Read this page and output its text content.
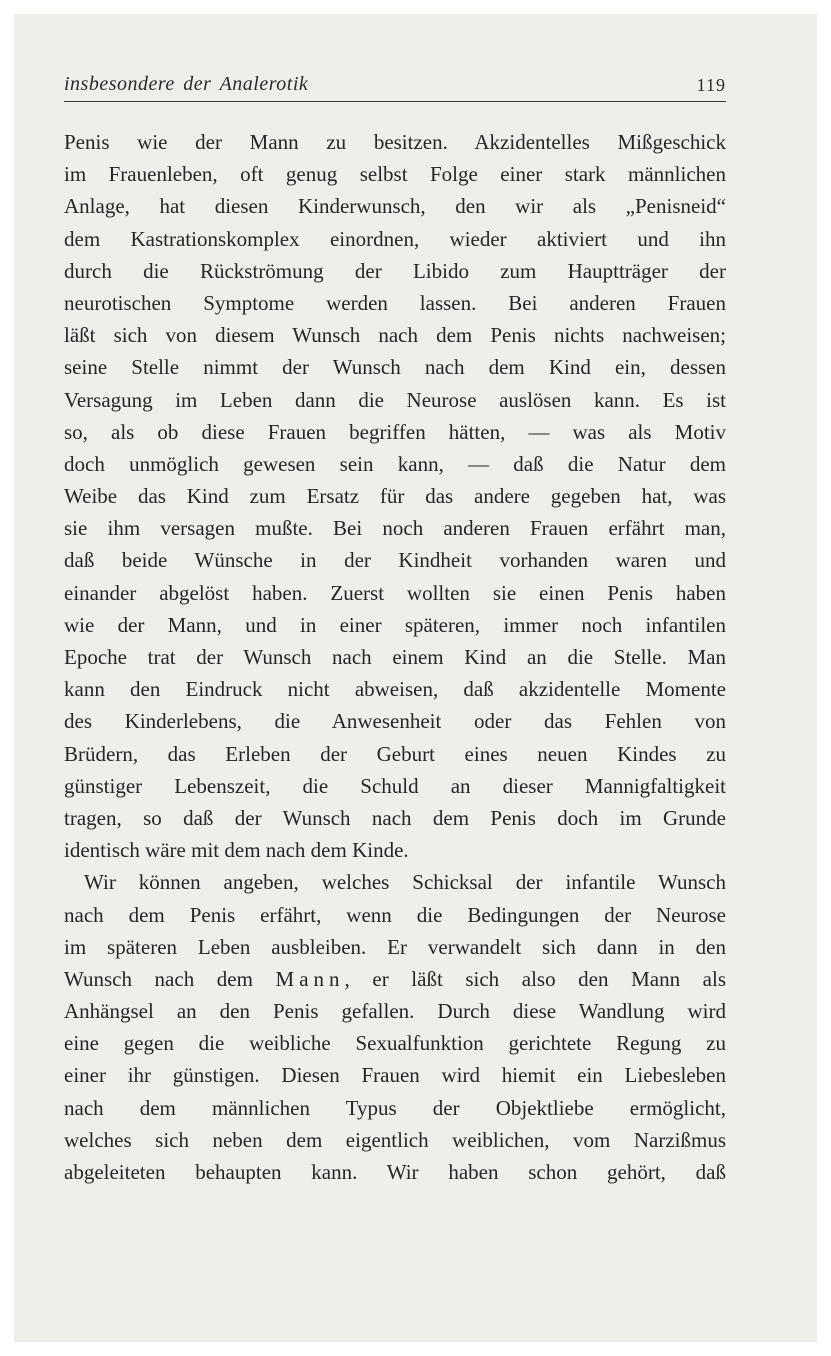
insbesondere der Analerotik	119
Penis wie der Mann zu besitzen. Akzidentelles Mißgeschick
im Frauenleben, oft genug selbst Folge einer stark männlichen
Anlage, hat diesen Kinderwunsch, den wir als „Penisneid“
dem Kastrationskomplex einordnen, wieder aktiviert und ihn
durch die Rückströmung der Libido zum Hauptträger der
neurotischen Symptome werden lassen. Bei anderen Frauen
läßt sich von diesem Wunsch nach dem Penis nichts nachweisen;
seine Stelle nimmt der Wunsch nach dem Kind ein, dessen
Versagung im Leben dann die Neurose auslösen kann. Es ist
so, als ob diese Frauen begriffen hätten, — was als Motiv
doch unmöglich gewesen sein kann, — daß die Natur dem
Weibe das Kind zum Ersatz für das andere gegeben hat, was
sie ihm versagen mußte. Bei noch anderen Frauen erfährt man,
daß beide Wünsche in der Kindheit vorhanden waren und
einander abgelöst haben. Zuerst wollten sie einen Penis haben
wie der Mann, und in einer späteren, immer noch infantilen
Epoche trat der Wunsch nach einem Kind an die Stelle. Man
kann den Eindruck nicht abweisen, daß akzidentelle Momente
des Kinderlebens, die Anwesenheit oder das Fehlen von
Brüdern, das Erleben der Geburt eines neuen Kindes zu
günstiger Lebenszeit, die Schuld an dieser Mannigfaltigkeit
tragen, so daß der Wunsch nach dem Penis doch im Grunde
identisch wäre mit dem nach dem Kinde.
Wir können angeben, welches Schicksal der infantile Wunsch
nach dem Penis erfährt, wenn die Bedingungen der Neurose
im späteren Leben ausbleiben. Er verwandelt sich dann in den
Wunsch nach dem Mann, er läßt sich also den Mann als
Anhängsel an den Penis gefallen. Durch diese Wandlung wird
eine gegen die weibliche Sexualfunktion gerichtete Regung zu
einer ihr günstigen. Diesen Frauen wird hiemit ein Liebesleben
nach dem männlichen Typus der Objektliebe ermöglicht,
welches sich neben dem eigentlich weiblichen, vom Narzißmus
abgeleiteten behaupten kann. Wir haben schon gehört, daß
